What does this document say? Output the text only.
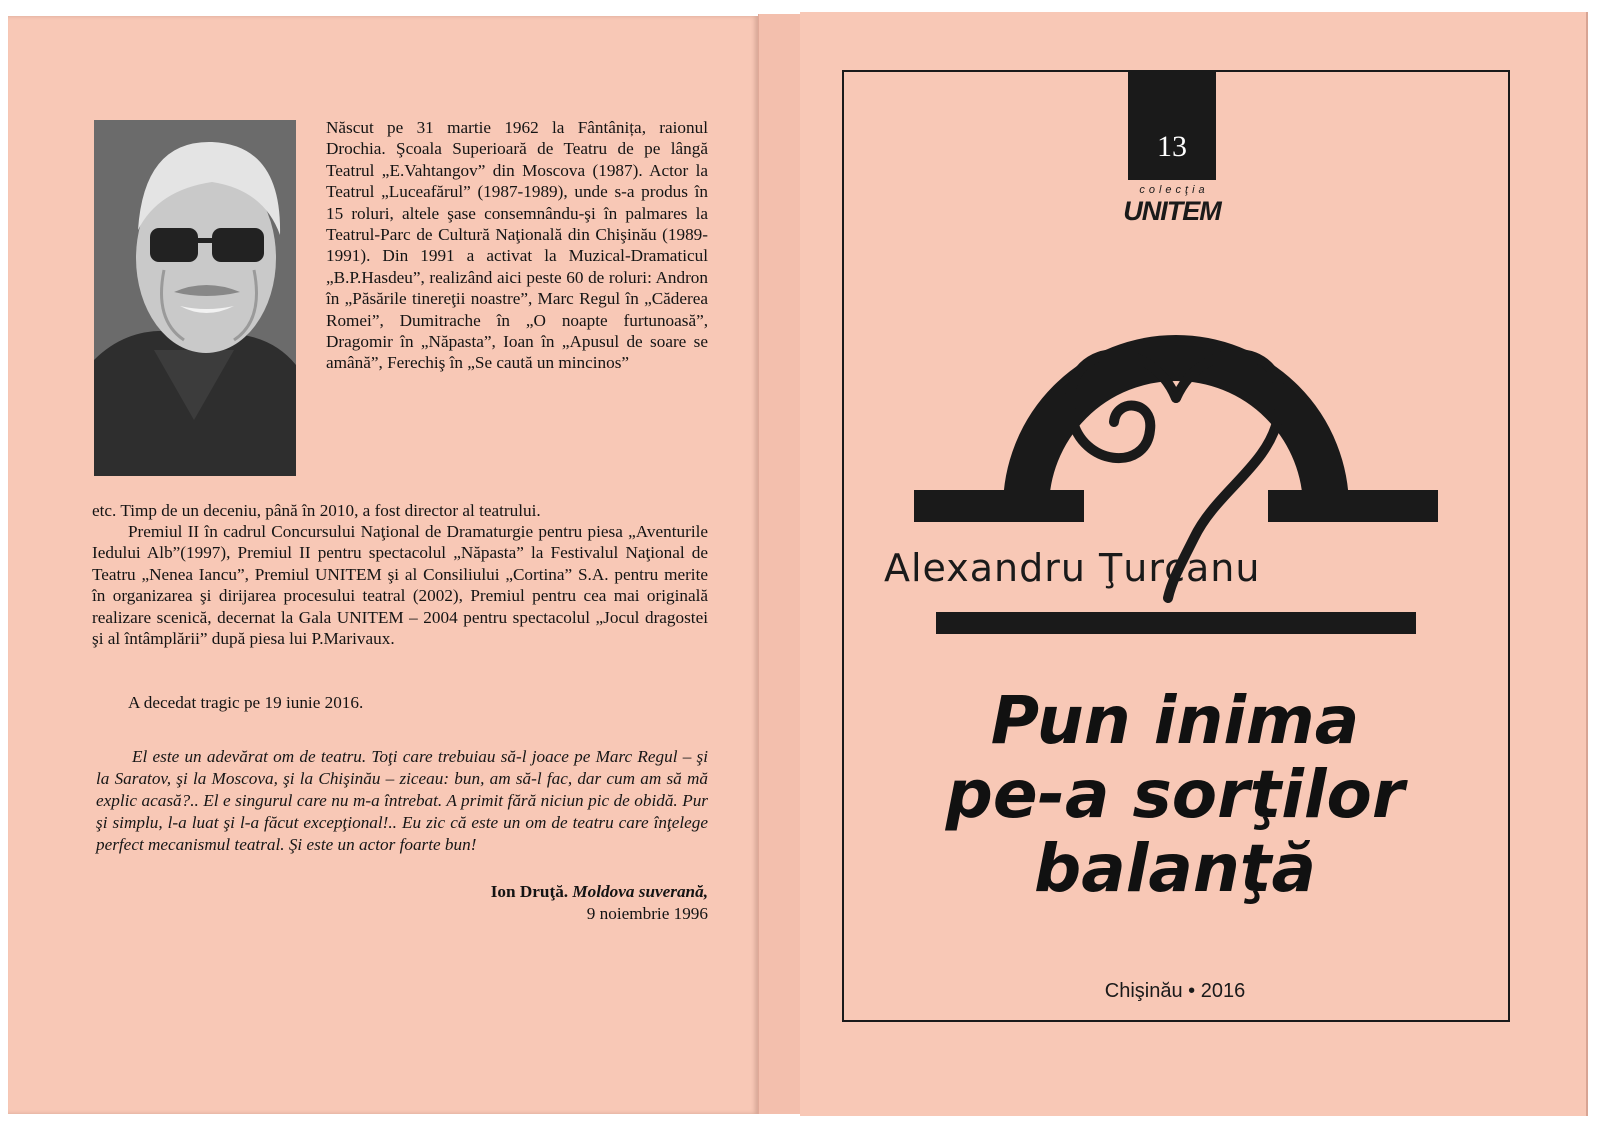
Născut pe 31 martie 1962 la Fântânița, raionul Drochia. Şcoala Superioară de Teatru de pe lângă Teatrul „E.Vahtangov” din Moscova (1987). Actor la Teatrul „Luceafărul” (1987-1989), unde s-a produs în 15 roluri, altele şase consemnându-şi în palmares la Teatrul-Parc de Cultură Naţională din Chişinău (1989-1991). Din 1991 a activat la Muzical-Dramaticul „B.P.Hasdeu”, realizând aici peste 60 de roluri: Andron în „Păsările tinereţii noastre”, Marc Regul în „Căderea Romei”, Dumitrache în „O noapte furtunoasă”, Dragomir în „Năpasta”, Ioan în „Apusul de soare se amână”, Ferechiş în „Se caută un mincinos”
etc. Timp de un deceniu, până în 2010, a fost director al teatrului.
Premiul II în cadrul Concursului Naţional de Dramaturgie pentru piesa „Aventurile Iedului Alb”(1997), Premiul II pentru spectacolul „Năpasta” la Festivalul Naţional de Teatru „Nenea Iancu”, Premiul UNITEM şi al Consiliului „Cortina” S.A. pentru merite în organizarea şi dirijarea procesului teatral (2002), Premiul pentru cea mai originală realizare scenică, decernat la Gala UNITEM – 2004 pentru spectacolul „Jocul dragostei şi al întâmplării” după piesa lui P.Marivaux.
A decedat tragic pe 19 iunie 2016.
El este un adevărat om de teatru. Toţi care trebuiau să-l joace pe Marc Regul – şi la Saratov, şi la Moscova, şi la Chişinău – ziceau: bun, am să-l fac, dar cum am să mă explic acasă?.. El e singurul care nu m-a întrebat. A primit fără niciun pic de obidă. Pur şi simplu, l-a luat şi l-a făcut excepţional!.. Eu zic că este un om de teatru care înţelege perfect mecanismul teatral. Şi este un actor foarte bun!
Ion Druţă. Moldova suverană,
9 noiembrie 1996
13
colecţia
UNITEM
Alexandru Ţurcanu
Pun inima
pe-a sorţilor
balanţă
Chişinău • 2016
